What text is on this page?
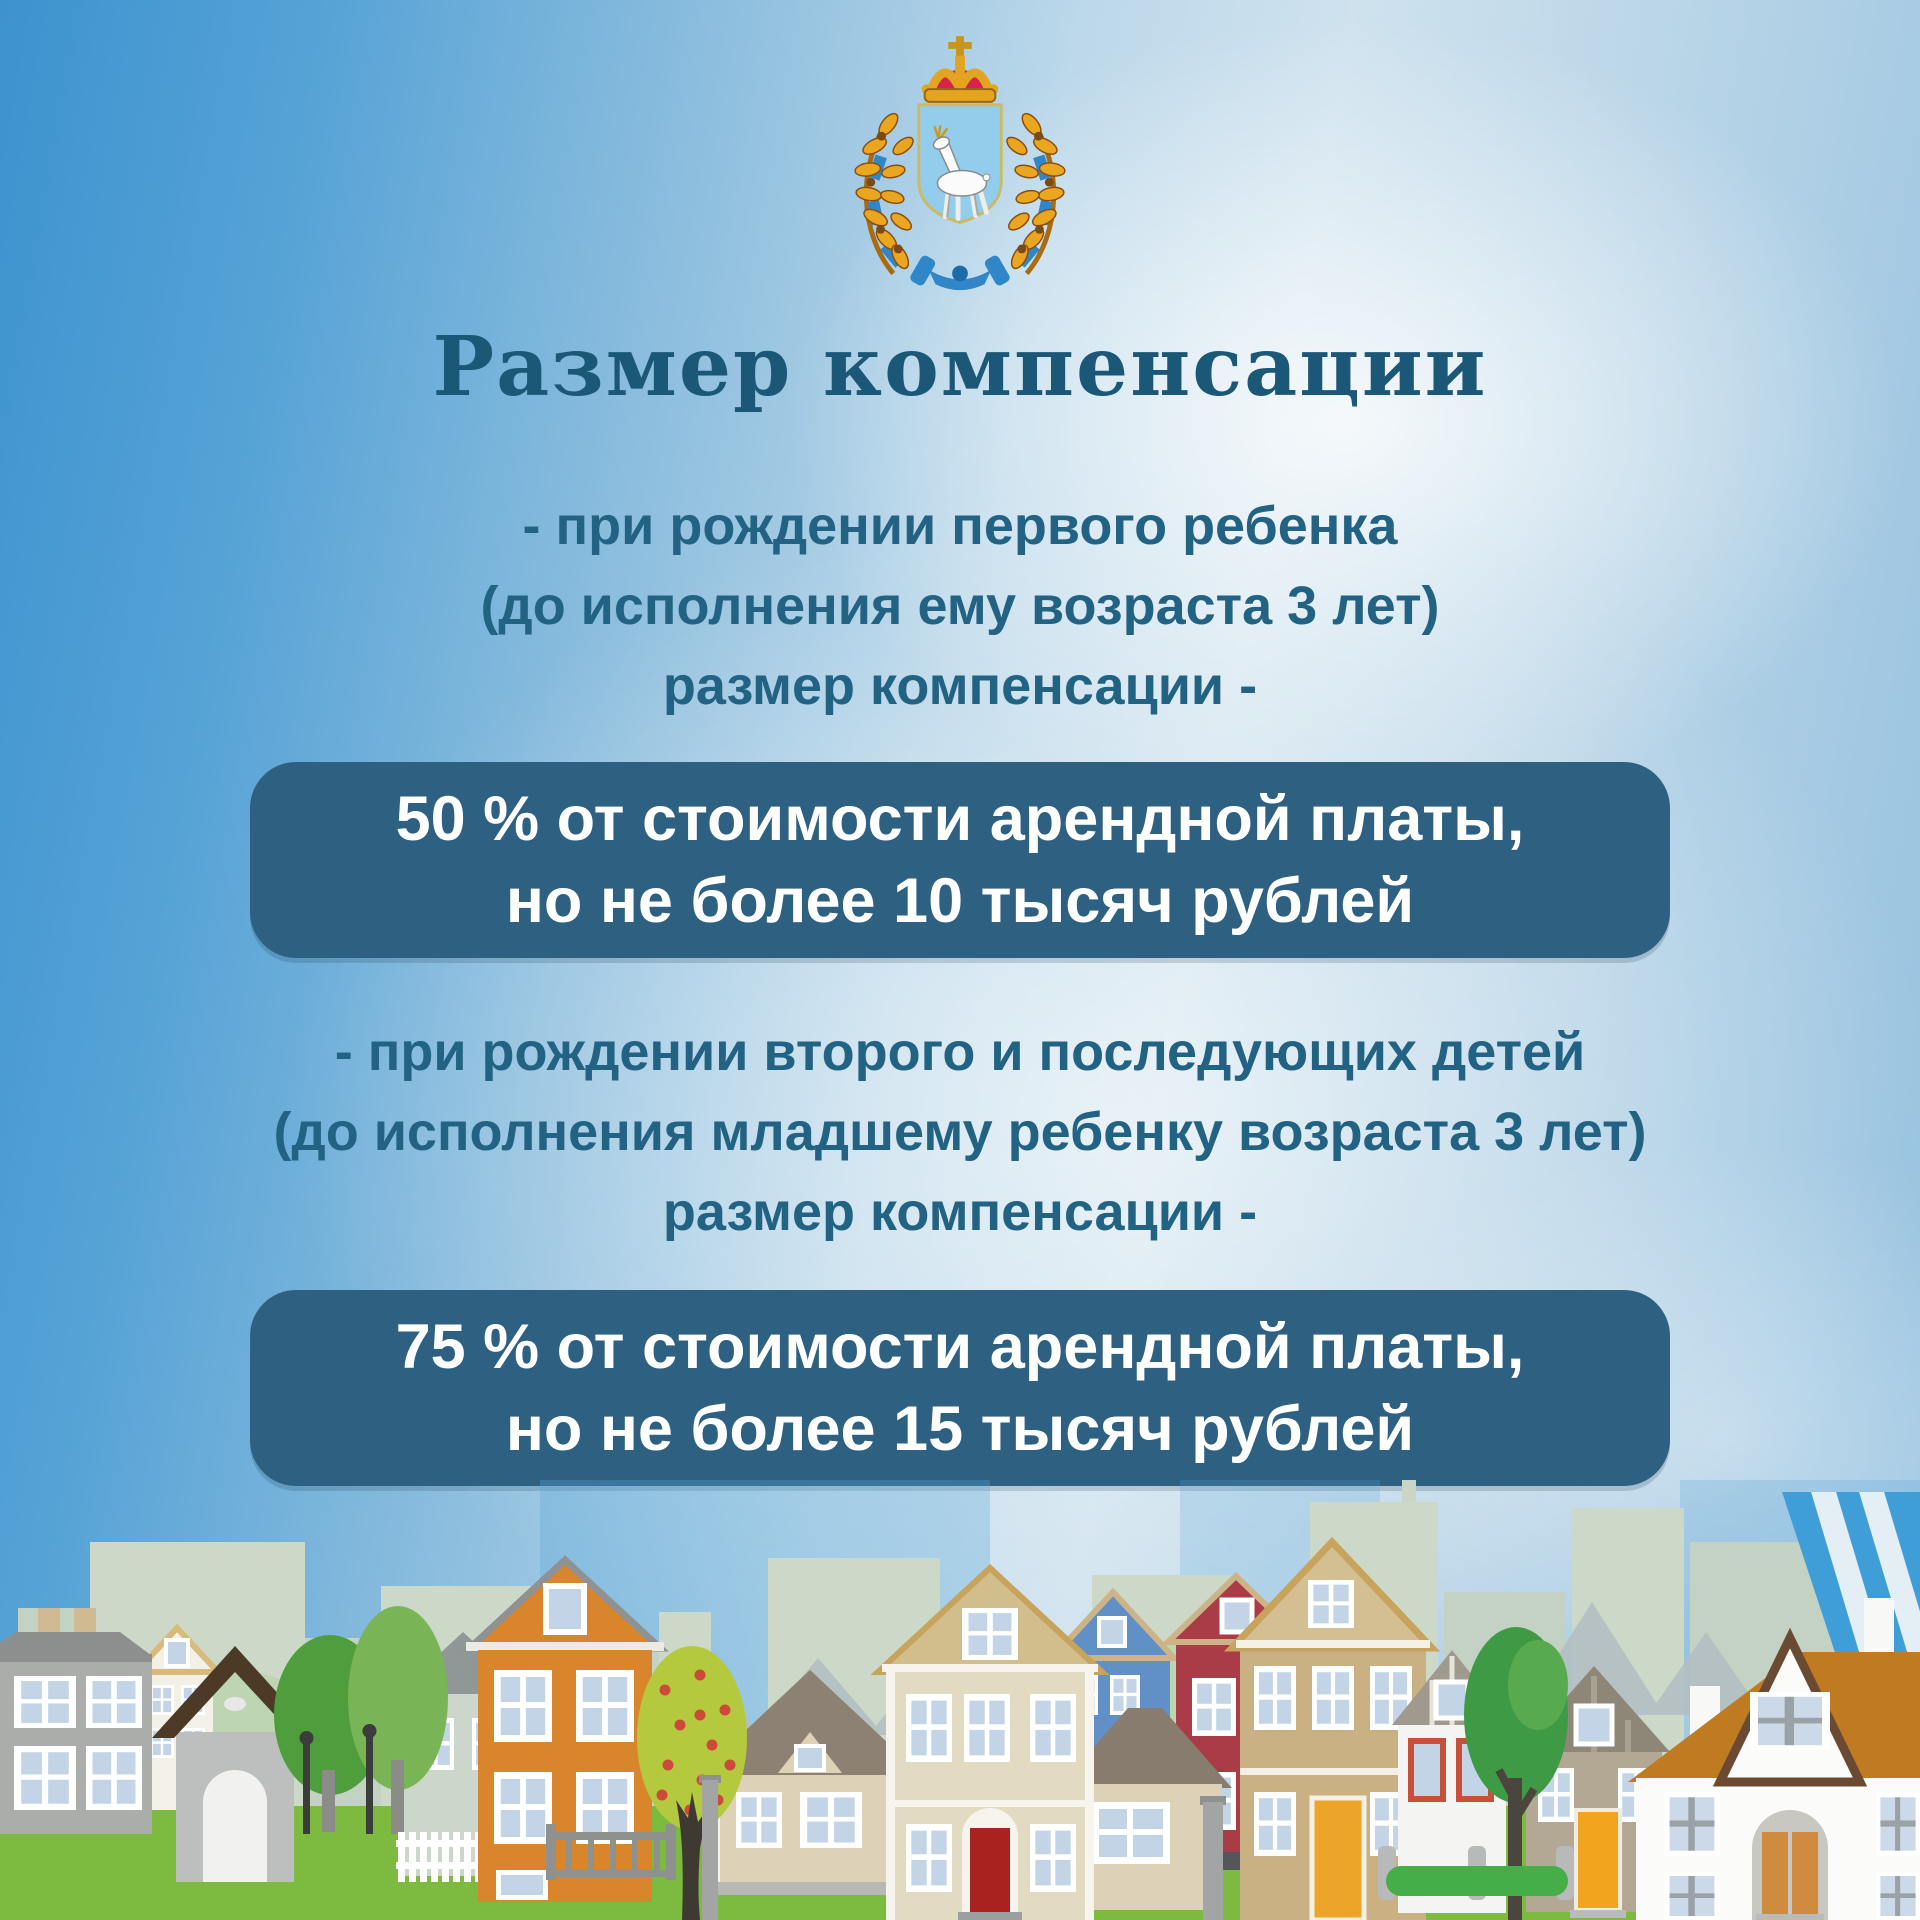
Размер компенсации
- при рождении первого ребенка
(до исполнения ему возраста 3 лет)
размер компенсации -
50 % от стоимости арендной платы,
но не более 10 тысяч рублей
- при рождении второго и последующих детей
(до исполнения младшему ребенку возраста 3 лет)
размер компенсации -
75 % от стоимости арендной платы,
но не более 15 тысяч рублей
